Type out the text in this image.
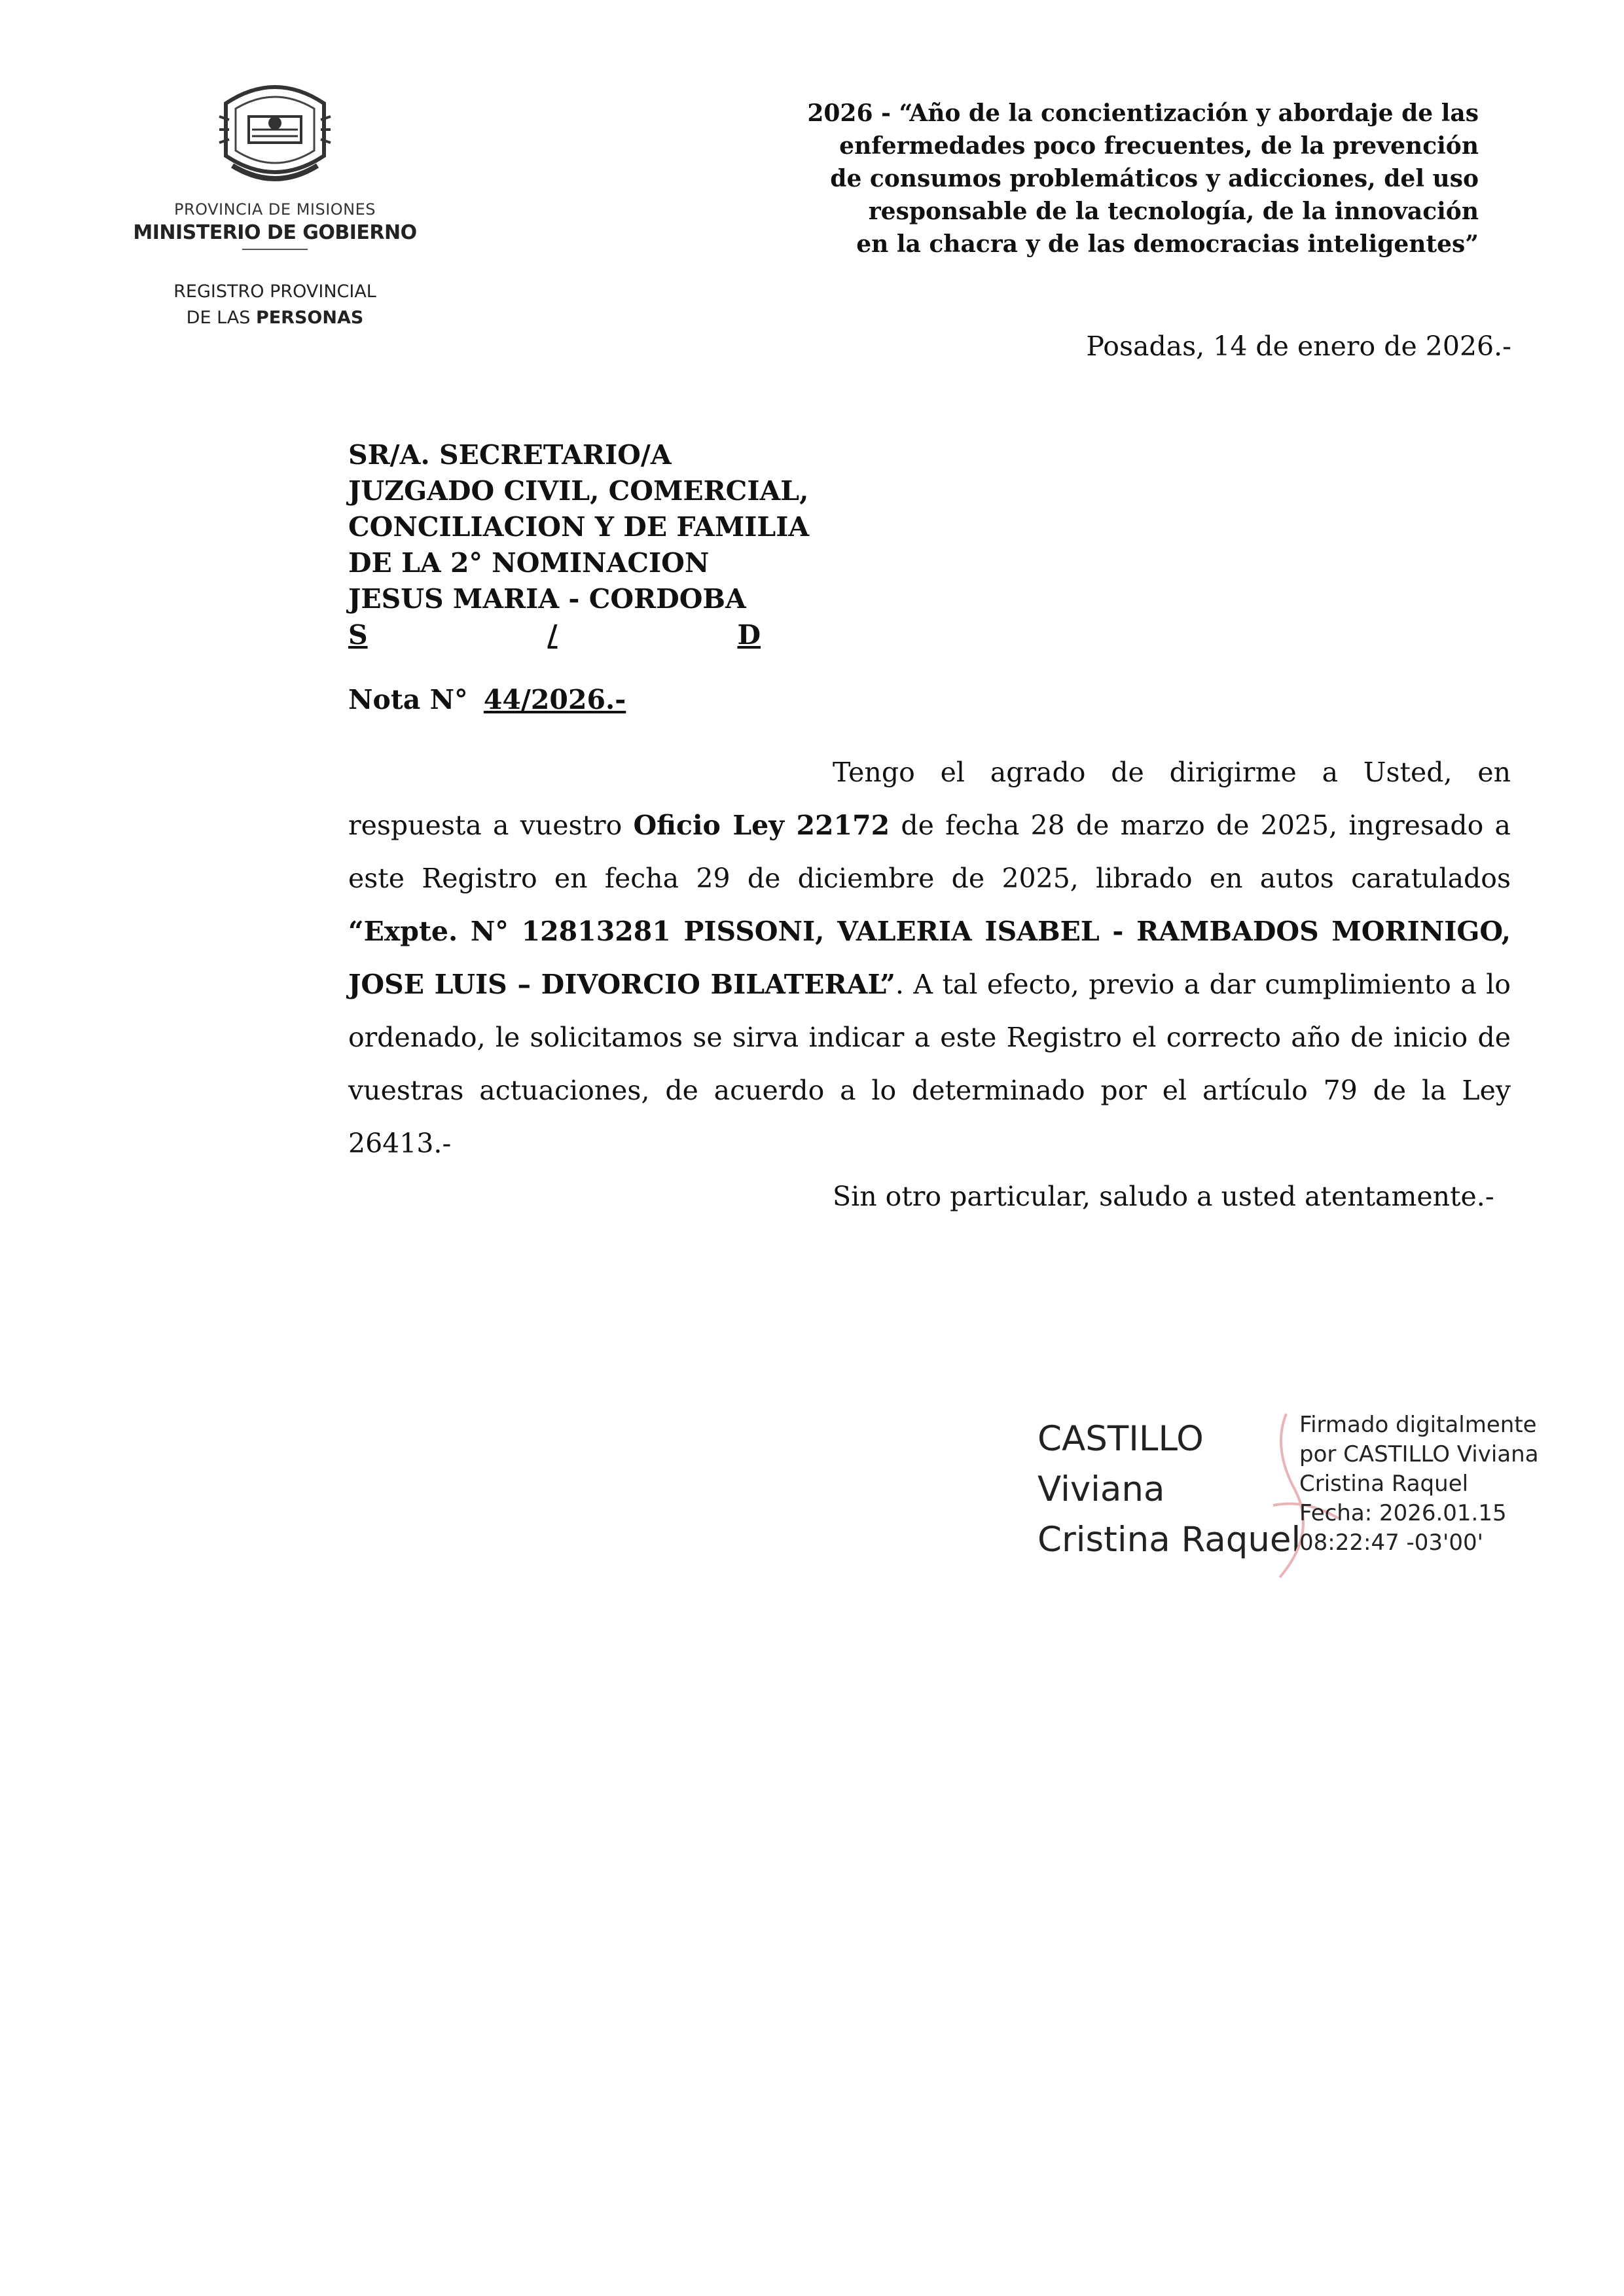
PROVINCIA DE MISIONES
MINISTERIO DE GOBIERNO
REGISTRO PROVINCIAL
DE LAS PERSONAS
2026 - “Año de la concientización y abordaje de las
enfermedades poco frecuentes, de la prevención
de consumos problemáticos y adicciones, del uso
responsable de la tecnología, de la innovación
en la chacra y de las democracias inteligentes”
Posadas, 14 de enero de 2026.-
SR/A. SECRETARIO/A
JUZGADO CIVIL, COMERCIAL,
CONCILIACION Y DE FAMILIA
DE LA 2° NOMINACION
JESUS MARIA - CORDOBA
S	/	D
Nota N° 44/2026.-

Tengo el agrado de dirigirme a Usted, en respuesta a vuestro Oficio Ley 22172 de fecha 28 de marzo de 2025, ingresado a este Registro en fecha 29 de diciembre de 2025, librado en autos caratulados “Expte. N° 12813281 PISSONI, VALERIA ISABEL - RAMBADOS MORINIGO, JOSE LUIS – DIVORCIO BILATERAL”. A tal efecto, previo a dar cumplimiento a lo ordenado, le solicitamos se sirva indicar a este Registro el correcto año de inicio de vuestras actuaciones, de acuerdo a lo determinado por el artículo 79 de la Ley 26413.-

Sin otro particular, saludo a usted atentamente.-

CASTILLO
Viviana
Cristina Raquel
Firmado digitalmente
por CASTILLO Viviana
Cristina Raquel
Fecha: 2026.01.15
08:22:47 -03'00'
